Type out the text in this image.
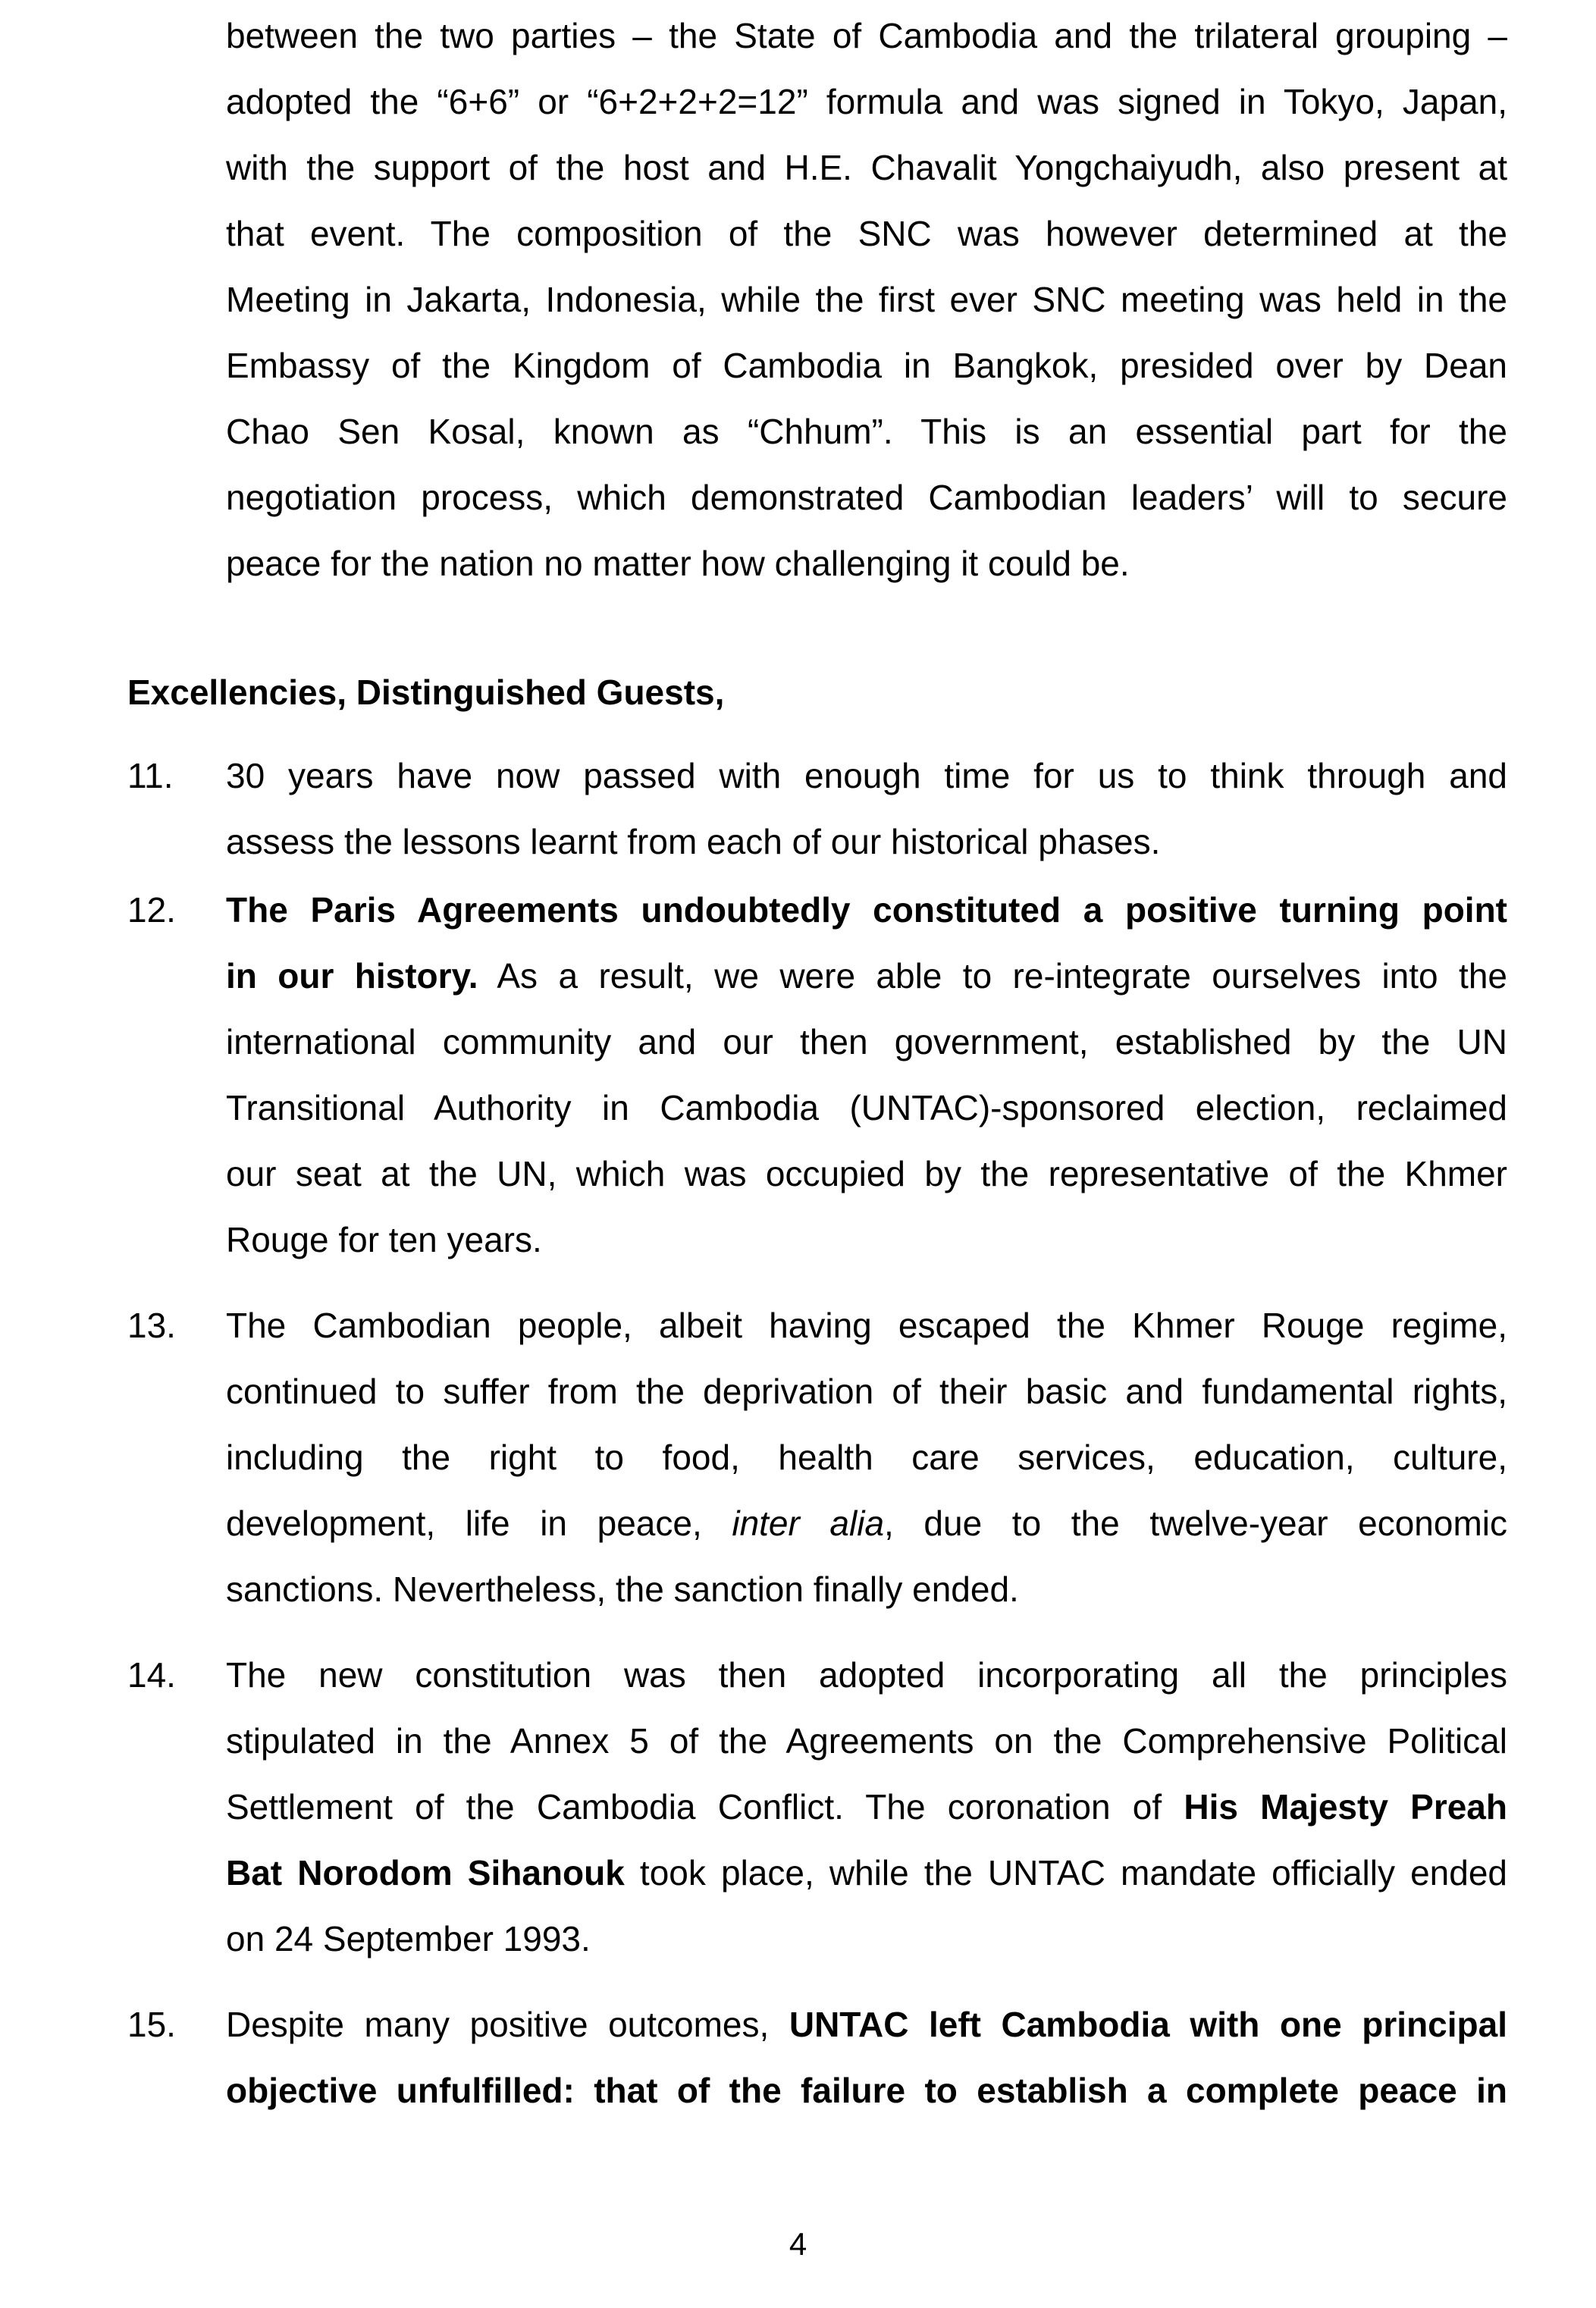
between the two parties – the State of Cambodia and the trilateral grouping –
adopted the “6+6” or “6+2+2+2=12” formula and was signed in Tokyo, Japan,
with the support of the host and H.E. Chavalit Yongchaiyudh, also present at
that event. The composition of the SNC was however determined at the
Meeting in Jakarta, Indonesia, while the first ever SNC meeting was held in the
Embassy of the Kingdom of Cambodia in Bangkok, presided over by Dean
Chao Sen Kosal, known as “Chhum”. This is an essential part for the
negotiation process, which demonstrated Cambodian leaders’ will to secure
peace for the nation no matter how challenging it could be.
Excellencies, Distinguished Guests,
11. 30 years have now passed with enough time for us to think through and
assess the lessons learnt from each of our historical phases.
12. The Paris Agreements undoubtedly constituted a positive turning point
in our history. As a result, we were able to re-integrate ourselves into the
international community and our then government, established by the UN
Transitional Authority in Cambodia (UNTAC)-sponsored election, reclaimed
our seat at the UN, which was occupied by the representative of the Khmer
Rouge for ten years.
13. The Cambodian people, albeit having escaped the Khmer Rouge regime,
continued to suffer from the deprivation of their basic and fundamental rights,
including the right to food, health care services, education, culture,
development, life in peace, inter alia, due to the twelve-year economic
sanctions. Nevertheless, the sanction finally ended.
14. The new constitution was then adopted incorporating all the principles
stipulated in the Annex 5 of the Agreements on the Comprehensive Political
Settlement of the Cambodia Conflict. The coronation of His Majesty Preah
Bat Norodom Sihanouk took place, while the UNTAC mandate officially ended
on 24 September 1993.
15. Despite many positive outcomes, UNTAC left Cambodia with one principal
objective unfulfilled: that of the failure to establish a complete peace in
4
